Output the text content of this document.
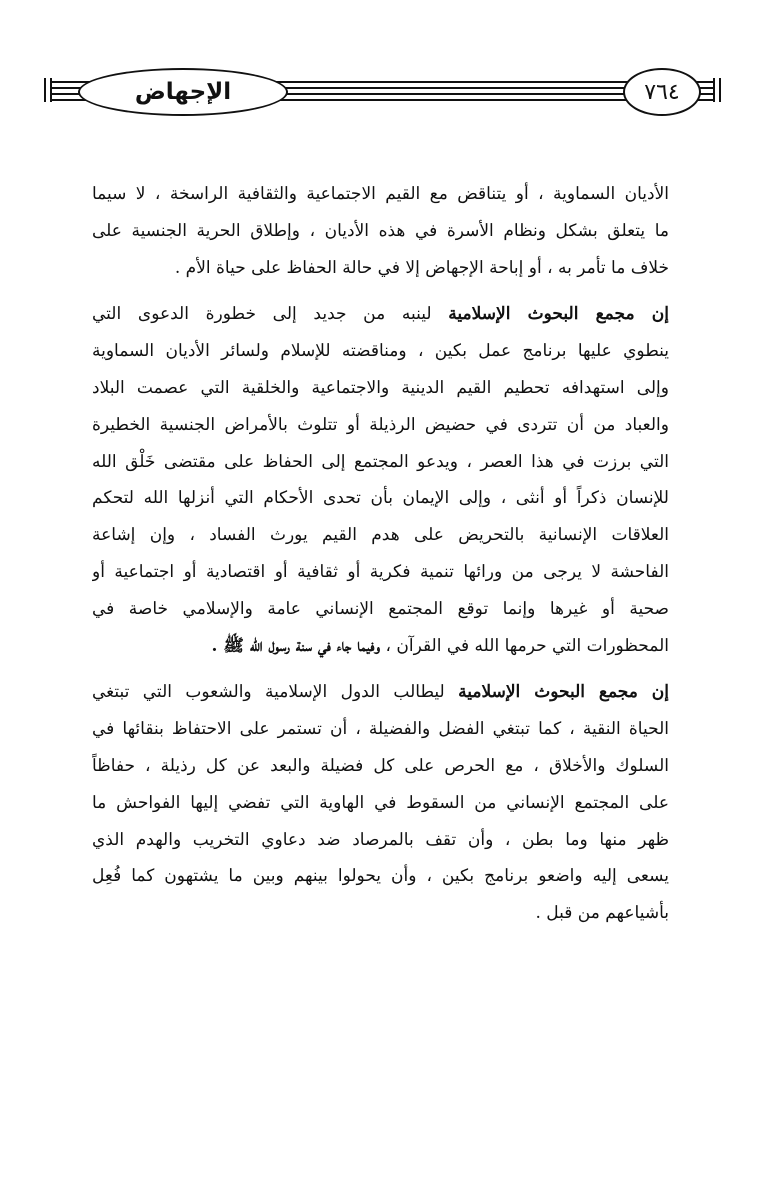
الإجهاض	٧٦٤
الأديان السماوية ، أو يتناقض مع القيم الاجتماعية والثقافية الراسخة ، لا سيما
ما يتعلق بشكل ونظام الأسرة في هذه الأديان ، وإطلاق الحرية الجنسية على
خلاف ما تأمر به ، أو إباحة الإجهاض إلا في حالة الحفاظ على حياة الأم .
إن مجمع البحوث الإسلامية لينبه من جديد إلى خطورة الدعوى التي
ينطوي عليها برنامج عمل بكين ، ومناقضته للإسلام ولسائر الأديان السماوية
وإلى استهدافه تحطيم القيم الدينية والاجتماعية والخلقية التي عصمت البلاد
والعباد من أن تتردى في حضيض الرذيلة أو تتلوث بالأمراض الجنسية الخطيرة
التي برزت في هذا العصر ، ويدعو المجتمع إلى الحفاظ على مقتضى خَلْق الله
للإنسان ذكراً أو أنثى ، وإلى الإيمان بأن تحدى الأحكام التي أنزلها الله لتحكم
العلاقات الإنسانية بالتحريض على هدم القيم يورث الفساد ، وإن إشاعة
الفاحشة لا يرجى من ورائها تنمية فكرية أو ثقافية أو اقتصادية أو اجتماعية أو
صحية أو غيرها وإنما توقع المجتمع الإنساني عامة والإسلامي خاصة في
المحظورات التي حرمها الله في القرآن ، وفيما جاء في سنة رسول الله ﷺ .
إن مجمع البحوث الإسلامية ليطالب الدول الإسلامية والشعوب التي تبتغي
الحياة النقية ، كما تبتغي الفضل والفضيلة ، أن تستمر على الاحتفاظ بنقائها في
السلوك والأخلاق ، مع الحرص على كل فضيلة والبعد عن كل رذيلة ، حفاظاً
على المجتمع الإنساني من السقوط في الهاوية التي تفضي إليها الفواحش ما
ظهر منها وما بطن ، وأن تقف بالمرصاد ضد دعاوي التخريب والهدم الذي
يسعى إليه واضعو برنامج بكين ، وأن يحولوا بينهم وبين ما يشتهون كما فُعِل
بأشياعهم من قبل .
